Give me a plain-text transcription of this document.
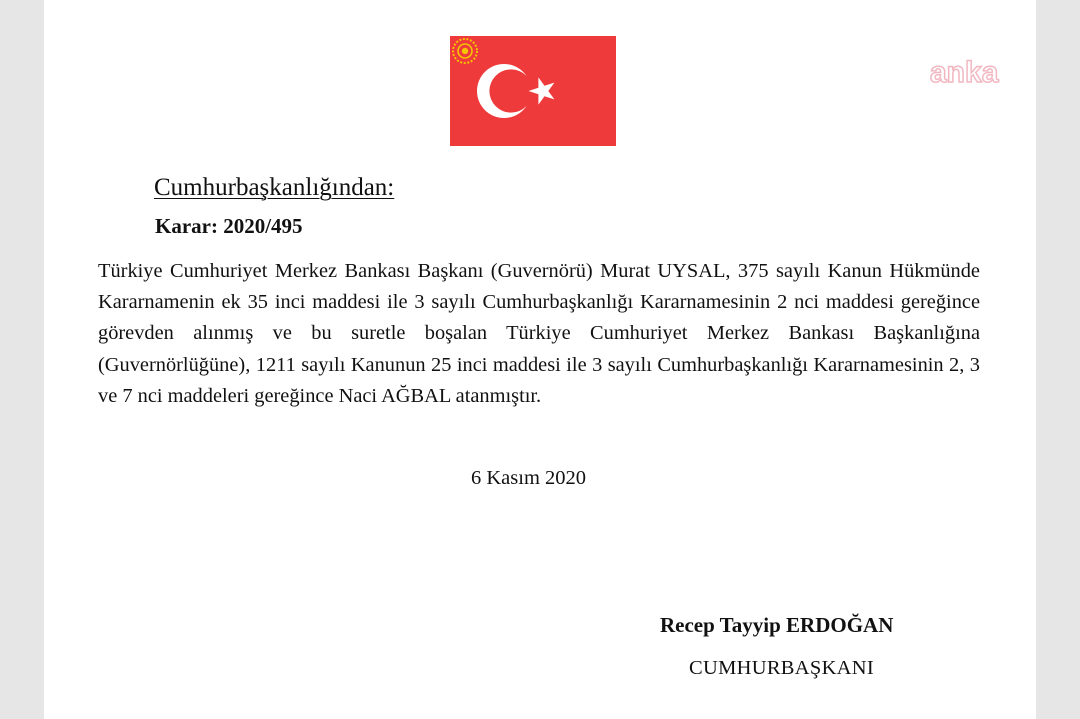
anka
Cumhurbaşkanlığından:
Karar: 2020/495
Türkiye Cumhuriyet Merkez Bankası Başkanı (Guvernörü) Murat UYSAL, 375 sayılı Kanun Hükmünde Kararnamenin ek 35 inci maddesi ile 3 sayılı Cumhurbaşkanlığı Kararnamesinin 2 nci maddesi gereğince görevden alınmış ve bu suretle boşalan Türkiye Cumhuriyet Merkez Bankası Başkanlığına (Guvernörlüğüne), 1211 sayılı Kanunun 25 inci maddesi ile 3 sayılı Cumhurbaşkanlığı Kararnamesinin 2, 3 ve 7 nci maddeleri gereğince Naci AĞBAL atanmıştır.
6 Kasım 2020
Recep Tayyip ERDOĞAN
CUMHURBAŞKANI
